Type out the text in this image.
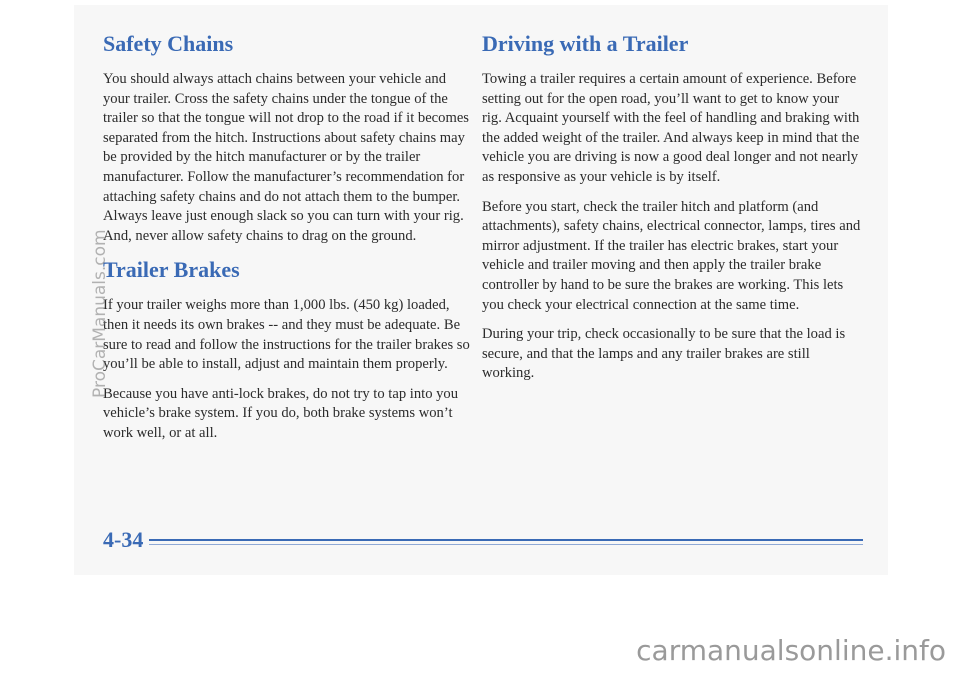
Safety Chains

You should always attach chains between your vehicle and your trailer. Cross the safety chains under the tongue of the trailer so that the tongue will not drop to the road if it becomes separated from the hitch. Instructions about safety chains may be provided by the hitch manufacturer or by the trailer manufacturer. Follow the manufacturer’s recommendation for attaching safety chains and do not attach them to the bumper. Always leave just enough slack so you can turn with your rig. And, never allow safety chains to drag on the ground.

Trailer Brakes

If your trailer weighs more than 1,000 lbs. (450 kg) loaded, then it needs its own brakes -- and they must be adequate. Be sure to read and follow the instructions for the trailer brakes so you’ll be able to install, adjust and maintain them properly.

Because you have anti-lock brakes, do not try to tap into you vehicle’s brake system. If you do, both brake systems won’t work well, or at all.

Driving with a Trailer

Towing a trailer requires a certain amount of experience. Before setting out for the open road, you’ll want to get to know your rig. Acquaint yourself with the feel of handling and braking with the added weight of the trailer. And always keep in mind that the vehicle you are driving is now a good deal longer and not nearly as responsive as your vehicle is by itself.

Before you start, check the trailer hitch and platform (and attachments), safety chains, electrical connector, lamps, tires and mirror adjustment. If the trailer has electric brakes, start your vehicle and trailer moving and then apply the trailer brake controller by hand to be sure the brakes are working. This lets you check your electrical connection at the same time.

During your trip, check occasionally to be sure that the load is secure, and that the lamps and any trailer brakes are still working.

4-34
ProCarManuals.com
carmanualsonline.info
